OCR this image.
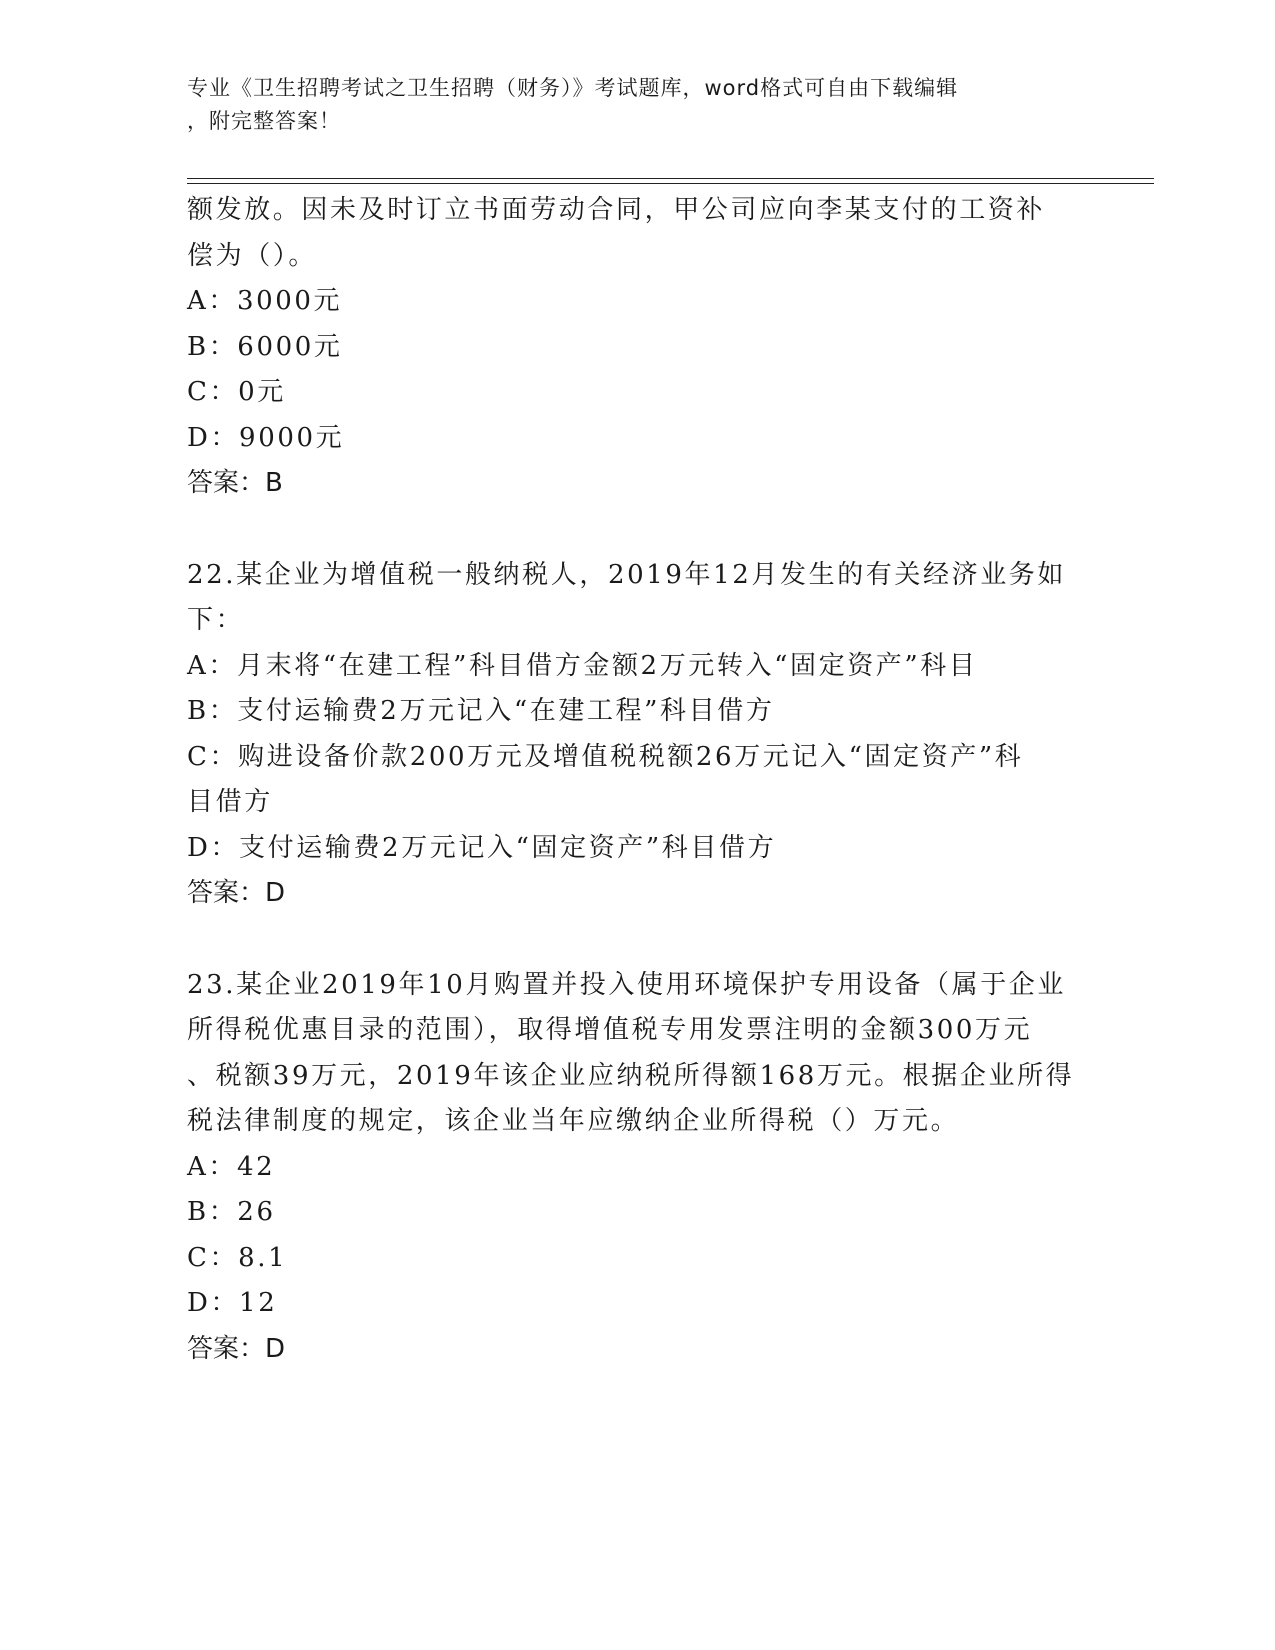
专业《卫生招聘考试之卫生招聘（财务）》考试题库，word格式可自由下载编辑
，附完整答案！
额发放。因未及时订立书面劳动合同，甲公司应向李某支付的工资补
偿为（）。
A：3000元
B：6000元
C：0元
D：9000元
答案：B
22.某企业为增值税一般纳税人，2019年12月发生的有关经济业务如
下：
A：月末将“在建工程”科目借方金额2万元转入“固定资产”科目
B：支付运输费2万元记入“在建工程”科目借方
C：购进设备价款200万元及增值税税额26万元记入“固定资产”科
目借方
D：支付运输费2万元记入“固定资产”科目借方
答案：D
23.某企业2019年10月购置并投入使用环境保护专用设备（属于企业
所得税优惠目录的范围），取得增值税专用发票注明的金额300万元
、税额39万元，2019年该企业应纳税所得额168万元。根据企业所得
税法律制度的规定，该企业当年应缴纳企业所得税（）万元。
A：42
B：26
C：8.1
D：12
答案：D
